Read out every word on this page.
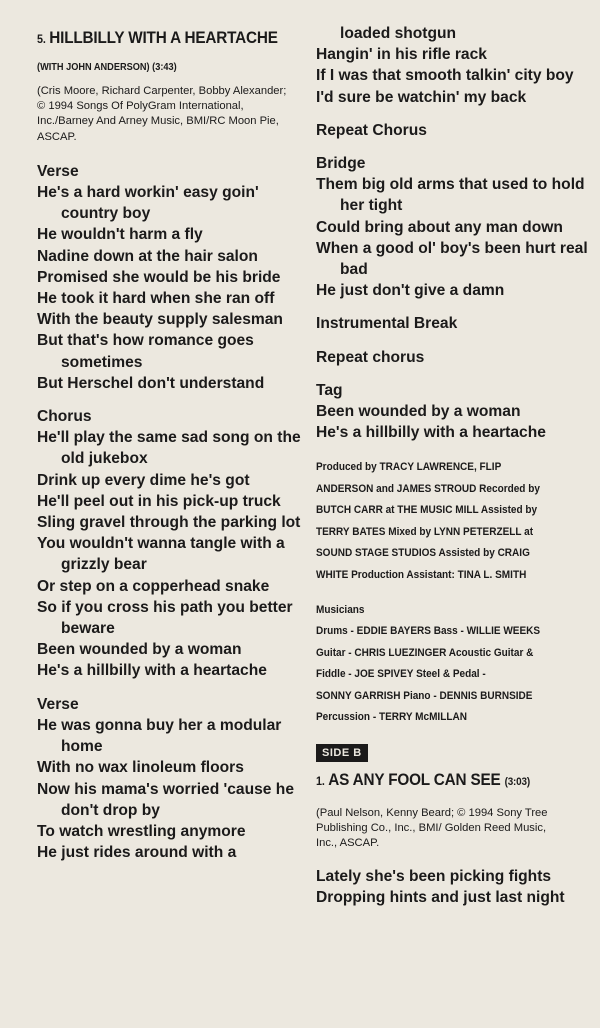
5. HILLBILLY WITH A HEARTACHE
(WITH JOHN ANDERSON) (3:43)

(Cris Moore, Richard Carpenter, Bobby Alexander; © 1994 Songs Of PolyGram International, Inc./Barney And Arney Music, BMI/RC Moon Pie, ASCAP.

Verse

He's a hard workin' easy goin' country boy

He wouldn't harm a fly

Nadine down at the hair salon

Promised she would be his bride

He took it hard when she ran off

With the beauty supply salesman

But that's how romance goes sometimes

But Herschel don't understand

Chorus

He'll play the same sad song on the old jukebox

Drink up every dime he's got

He'll peel out in his pick-up truck

Sling gravel through the parking lot

You wouldn't wanna tangle with a grizzly bear

Or step on a copperhead snake

So if you cross his path you better beware

Been wounded by a woman

He's a hillbilly with a heartache

Verse

He was gonna buy her a modular home

With no wax linoleum floors

Now his mama's worried 'cause he don't drop by

To watch wrestling anymore

He just rides around with a

loaded shotgun

Hangin' in his rifle rack

If I was that smooth talkin' city boy

I'd sure be watchin' my back

Repeat Chorus

Bridge

Them big old arms that used to hold her tight

Could bring about any man down

When a good ol' boy's been hurt real bad

He just don't give a damn

Instrumental Break

Repeat chorus

Tag

Been wounded by a woman

He's a hillbilly with a heartache

Produced by TRACY LAWRENCE, FLIP
ANDERSON and JAMES STROUD Recorded by
BUTCH CARR at THE MUSIC MILL Assisted by
TERRY BATES Mixed by LYNN PETERZELL at
SOUND STAGE STUDIOS Assisted by CRAIG
WHITE Production Assistant: TINA L. SMITH
Musicians
Drums - EDDIE BAYERS Bass - WILLIE WEEKS
Guitar - CHRIS LUEZINGER Acoustic Guitar &
Fiddle - JOE SPIVEY Steel & Pedal -
SONNY GARRISH Piano - DENNIS BURNSIDE
Percussion - TERRY McMILLAN
SIDE B
1. AS ANY FOOL CAN SEE (3:03)

(Paul Nelson, Kenny Beard; © 1994 Sony Tree Publishing Co., Inc., BMI/ Golden Reed Music, Inc., ASCAP.

Lately she's been picking fights

Dropping hints and just last night
